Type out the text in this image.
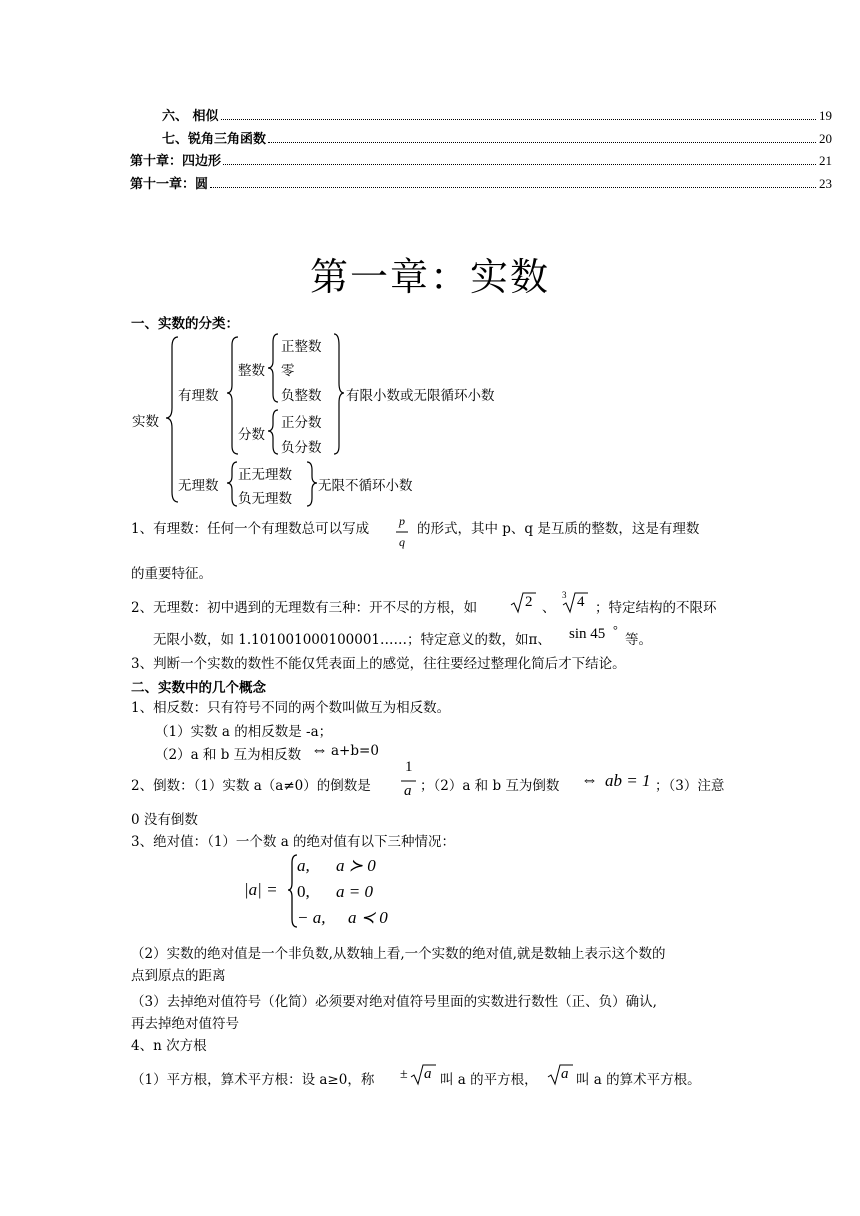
六、 相似	19
七、锐角三角函数	20
第十章：四边形	21
第十一章：圆	23
第一章：实数
一、实数的分类：
实数
有理数
整数
正整数
零
负整数
分数
正分数
负分数
有限小数或无限循环小数
无理数
正无理数
负无理数
无限不循环小数
1、有理数：任何一个有理数总可以写成 p
q
的形式，其中 p、q 是互质的整数，这是有理数
的重要特征。
2、无理数：初中遇到的无理数有三种：开不尽的方根，如	2 、
3 4 ；特定结构的不限环
无限小数，如 1.101001000100001……；特定意义的数，如π、 sin 45 °
等。
3、判断一个实数的数性不能仅凭表面上的感觉，往往要经过整理化简后才下结论。
二、实数中的几个概念
1、相反数：只有符号不同的两个数叫做互为相反数。
（1）实数 a 的相反数是 -a；
（2）a 和 b 互为相反数 ⇔ a+b=0
2、倒数：（1）实数 a（a≠0）的倒数是
1
a ；（2）a 和 b 互为倒数 ⇔ ab = 1 ；（3）注意
0 没有倒数
3、绝对值：（1）一个数 a 的绝对值有以下三种情况：
|a| =
a, a ≻ 0
0, a = 0
− a, a ≺ 0
（2）实数的绝对值是一个非负数,从数轴上看,一个实数的绝对值,就是数轴上表示这个数的
点到原点的距离
（3）去掉绝对值符号（化简）必须要对绝对值符号里面的实数进行数性（正、负）确认,
再去掉绝对值符号
4、n 次方根
（1）平方根，算术平方根：设 a≥0，称 ± a 叫 a 的平方根， a 叫 a 的算术平方根。
